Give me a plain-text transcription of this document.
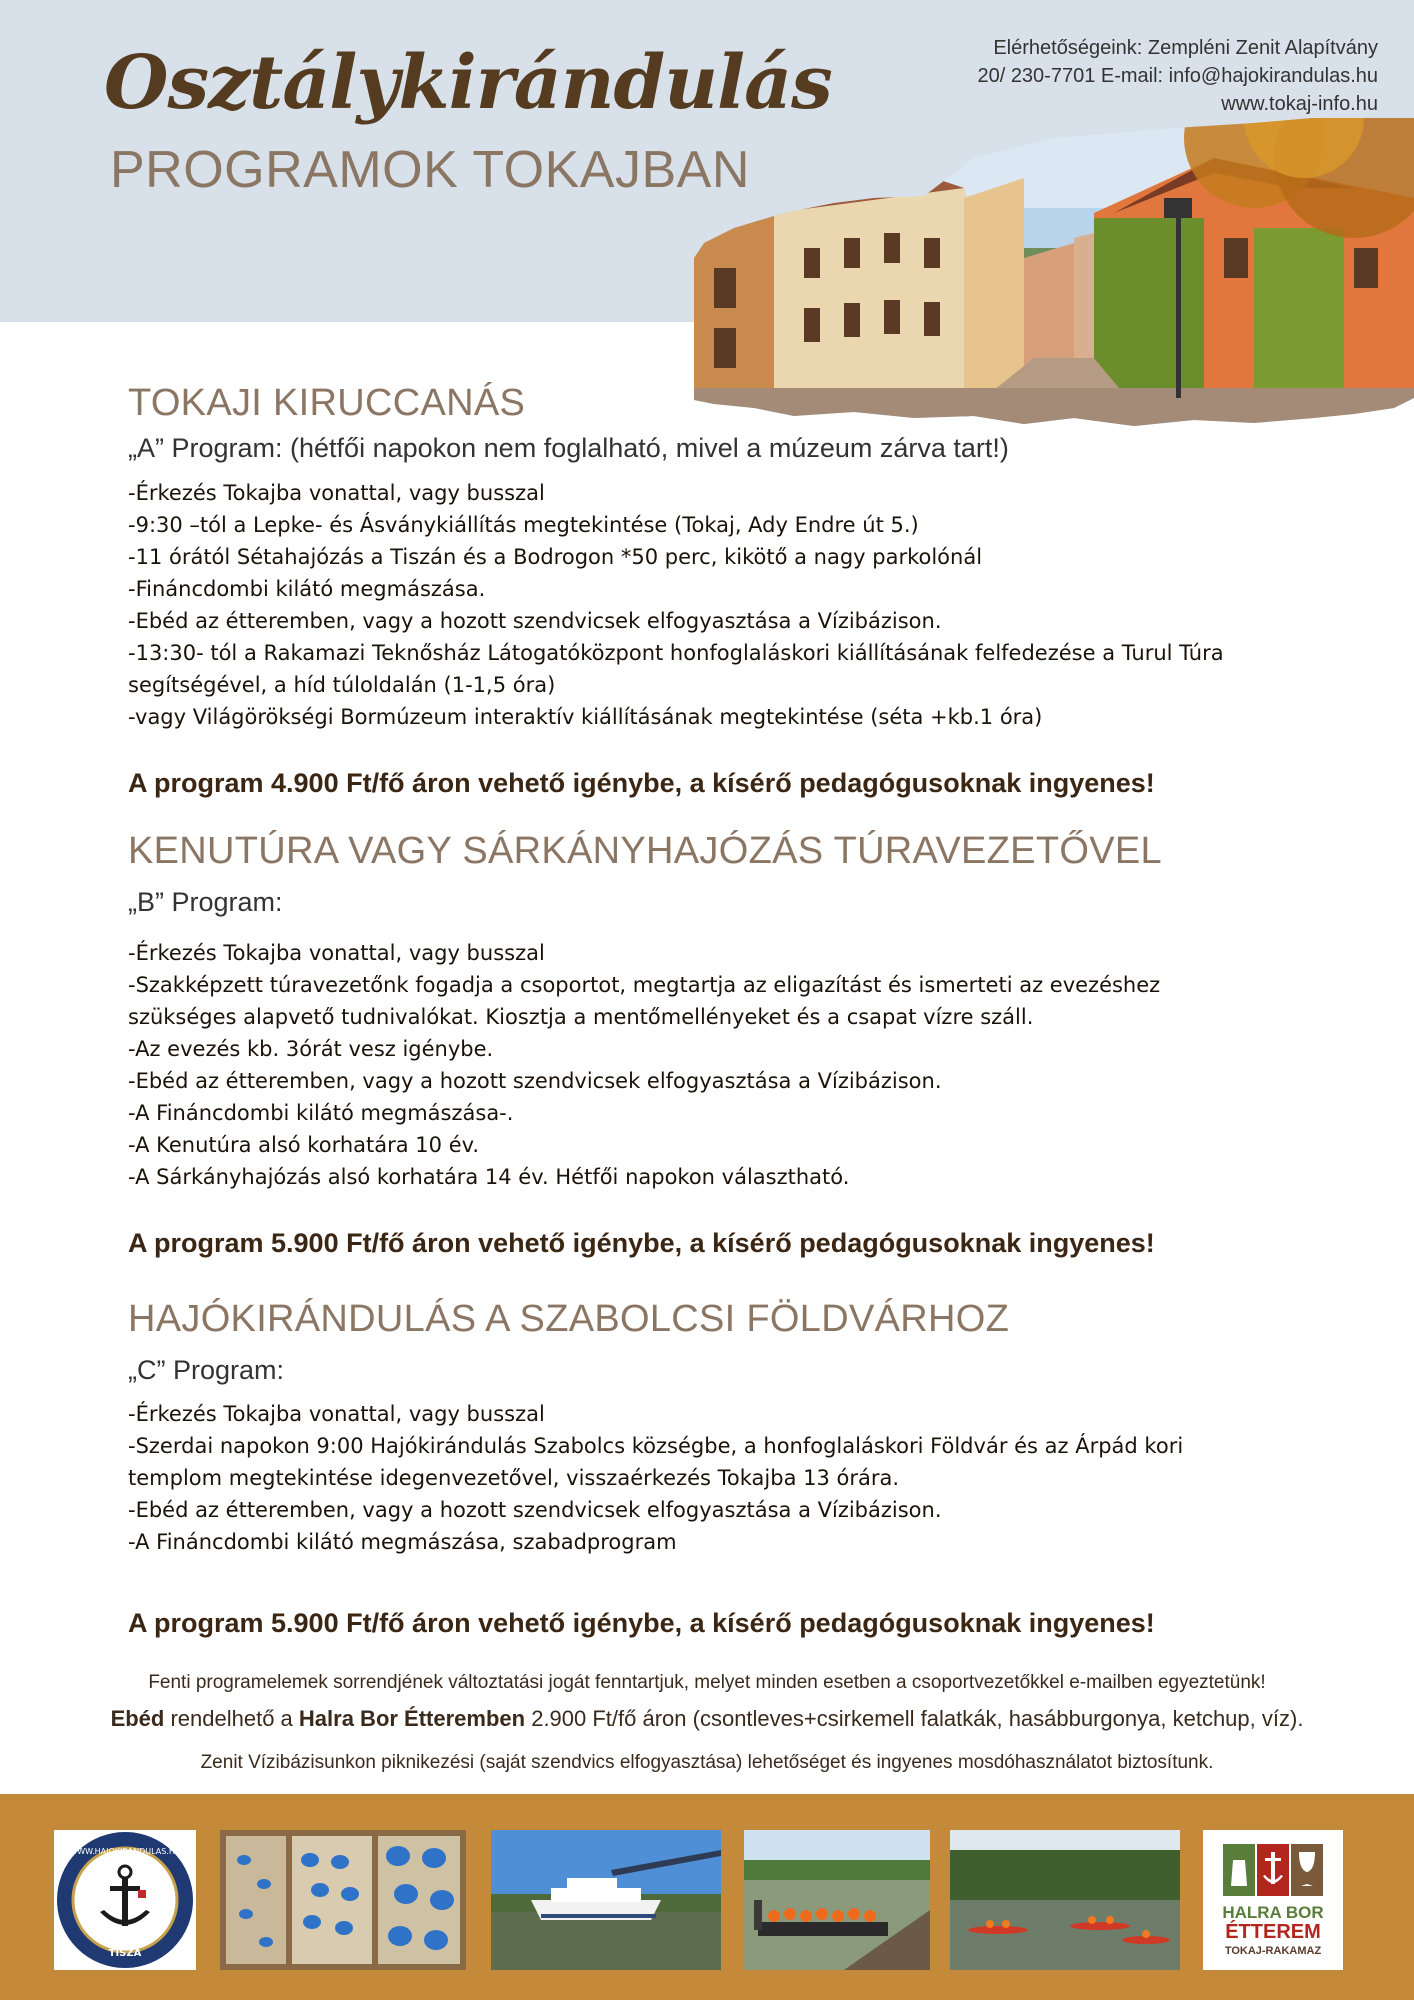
Osztálykirándulás
PROGRAMOK TOKAJBAN
Elérhetőségeink: Zempléni Zenit Alapítvány
20/ 230-7701 E-mail: info@hajokirandulas.hu
www.tokaj-info.hu
TOKAJI KIRUCCANÁS
„A” Program: (hétfői napokon nem foglalható, mivel a múzeum zárva tart!)
-Érkezés Tokajba vonattal, vagy busszal
-9:30 –tól a Lepke- és Ásványkiállítás megtekintése (Tokaj, Ady Endre út 5.)
-11 órától Sétahajózás a Tiszán és a Bodrogon *50 perc, kikötő a nagy parkolónál
-Fináncdombi kilátó megmászása.
-Ebéd az étteremben, vagy a hozott szendvicsek elfogyasztása a Vízibázison.
-13:30- tól a Rakamazi Teknősház Látogatóközpont honfoglaláskori kiállításának felfedezése a Turul Túra
segítségével, a híd túloldalán (1-1,5 óra)
-vagy Világörökségi Bormúzeum interaktív kiállításának megtekintése (séta +kb.1 óra)
A program 4.900 Ft/fő áron vehető igénybe, a kísérő pedagógusoknak ingyenes!
KENUTÚRA VAGY SÁRKÁNYHAJÓZÁS TÚRAVEZETŐVEL
„B” Program:
-Érkezés Tokajba vonattal, vagy busszal
-Szakképzett túravezetőnk fogadja a csoportot, megtartja az eligazítást és ismerteti az evezéshez
szükséges alapvető tudnivalókat. Kiosztja a mentőmellényeket és a csapat vízre száll.
-Az evezés kb. 3órát vesz igénybe.
-Ebéd az étteremben, vagy a hozott szendvicsek elfogyasztása a Vízibázison.
-A Fináncdombi kilátó megmászása-.
-A Kenutúra alsó korhatára 10 év.
-A Sárkányhajózás alsó korhatára 14 év. Hétfői napokon választható.
A program 5.900 Ft/fő áron vehető igénybe, a kísérő pedagógusoknak ingyenes!
HAJÓKIRÁNDULÁS A SZABOLCSI FÖLDVÁRHOZ
„C” Program:
-Érkezés Tokajba vonattal, vagy busszal
-Szerdai napokon 9:00 Hajókirándulás Szabolcs községbe, a honfoglaláskori Földvár és az Árpád kori
templom megtekintése idegenvezetővel, visszaérkezés Tokajba 13 órára.
-Ebéd az étteremben, vagy a hozott szendvicsek elfogyasztása a Vízibázison.
-A Fináncdombi kilátó megmászása, szabadprogram
A program 5.900 Ft/fő áron vehető igénybe, a kísérő pedagógusoknak ingyenes!
Fenti programelemek sorrendjének változtatási jogát fenntartjuk, melyet minden esetben a csoportvezetőkkel e-mailben egyeztetünk!
Ebéd rendelhető a Halra Bor Étteremben 2.900 Ft/fő áron (csontleves+csirkemell falatkák, hasábburgonya, ketchup, víz).
Zenit Vízibázisunkon piknikezési (saját szendvics elfogyasztása) lehetőséget és ingyenes mosdóhasználatot biztosítunk.
WWW.HAJOKIRANDULAS.HU
TISZA
HALRA BOR
ÉTTEREM
TOKAJ-RAKAMAZ
